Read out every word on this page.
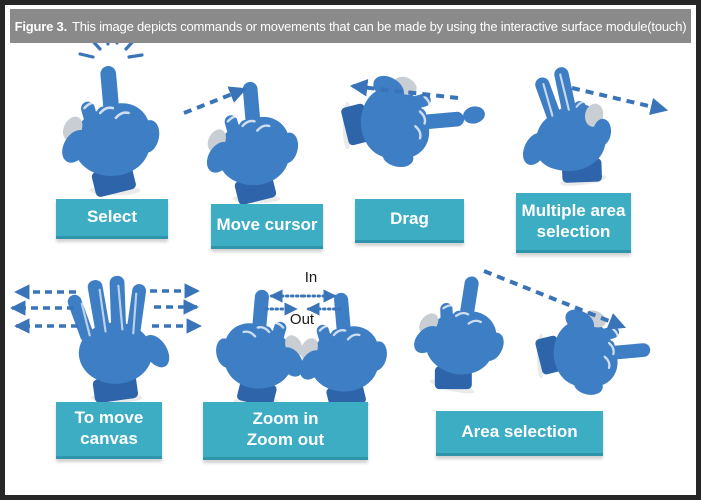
Figure 3. This image depicts commands or movements that can be made by using the interactive surface module(touch)
Select	Move cursor	Drag	Multiple area
selection
To move
canvas
Zoom in
Zoom out	Area selection
In
Out
